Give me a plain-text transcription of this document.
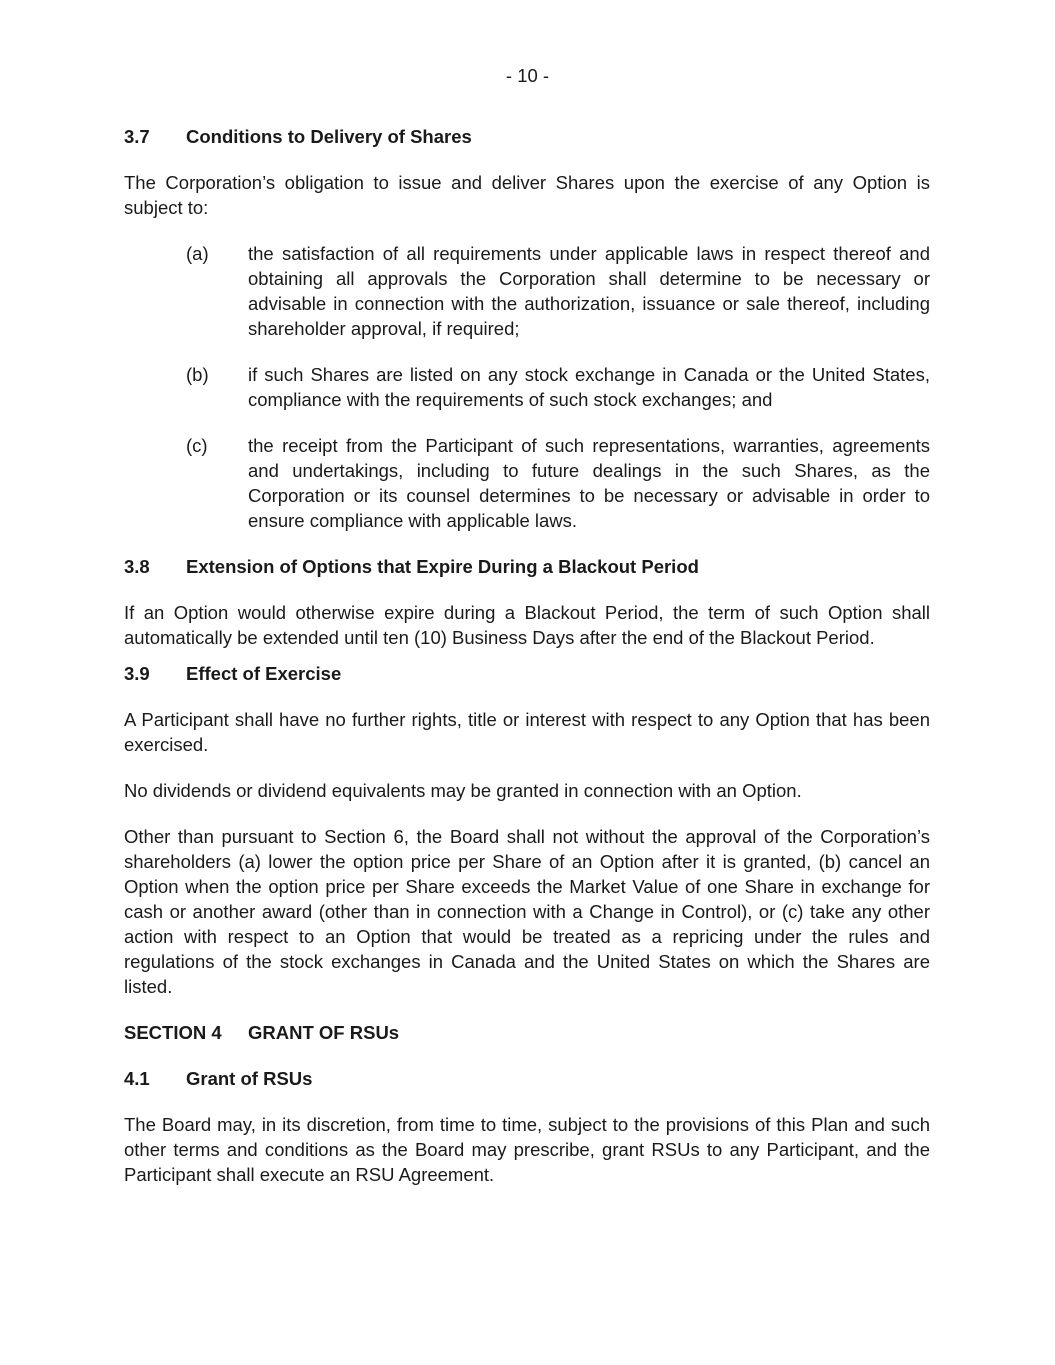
- 10 -
3.7	Conditions to Delivery of Shares

The Corporation’s obligation to issue and deliver Shares upon the exercise of any Option is subject to:

(a)	the satisfaction of all requirements under applicable laws in respect thereof and obtaining all approvals the Corporation shall determine to be necessary or advisable in connection with the authorization, issuance or sale thereof, including shareholder approval, if required;
(b)	if such Shares are listed on any stock exchange in Canada or the United States, compliance with the requirements of such stock exchanges; and
(c)	the receipt from the Participant of such representations, warranties, agreements and undertakings, including to future dealings in the such Shares, as the Corporation or its counsel determines to be necessary or advisable in order to ensure compliance with applicable laws.
3.8	Extension of Options that Expire During a Blackout Period

If an Option would otherwise expire during a Blackout Period, the term of such Option shall automatically be extended until ten (10) Business Days after the end of the Blackout Period.

3.9	Effect of Exercise

A Participant shall have no further rights, title or interest with respect to any Option that has been exercised.

No dividends or dividend equivalents may be granted in connection with an Option.

Other than pursuant to Section 6, the Board shall not without the approval of the Corporation’s shareholders (a) lower the option price per Share of an Option after it is granted, (b) cancel an Option when the option price per Share exceeds the Market Value of one Share in exchange for cash or another award (other than in connection with a Change in Control), or (c) take any other action with respect to an Option that would be treated as a repricing under the rules and regulations of the stock exchanges in Canada and the United States on which the Shares are listed.

SECTION 4	GRANT OF RSUs
4.1	Grant of RSUs

The Board may, in its discretion, from time to time, subject to the provisions of this Plan and such other terms and conditions as the Board may prescribe, grant RSUs to any Participant, and the Participant shall execute an RSU Agreement.
